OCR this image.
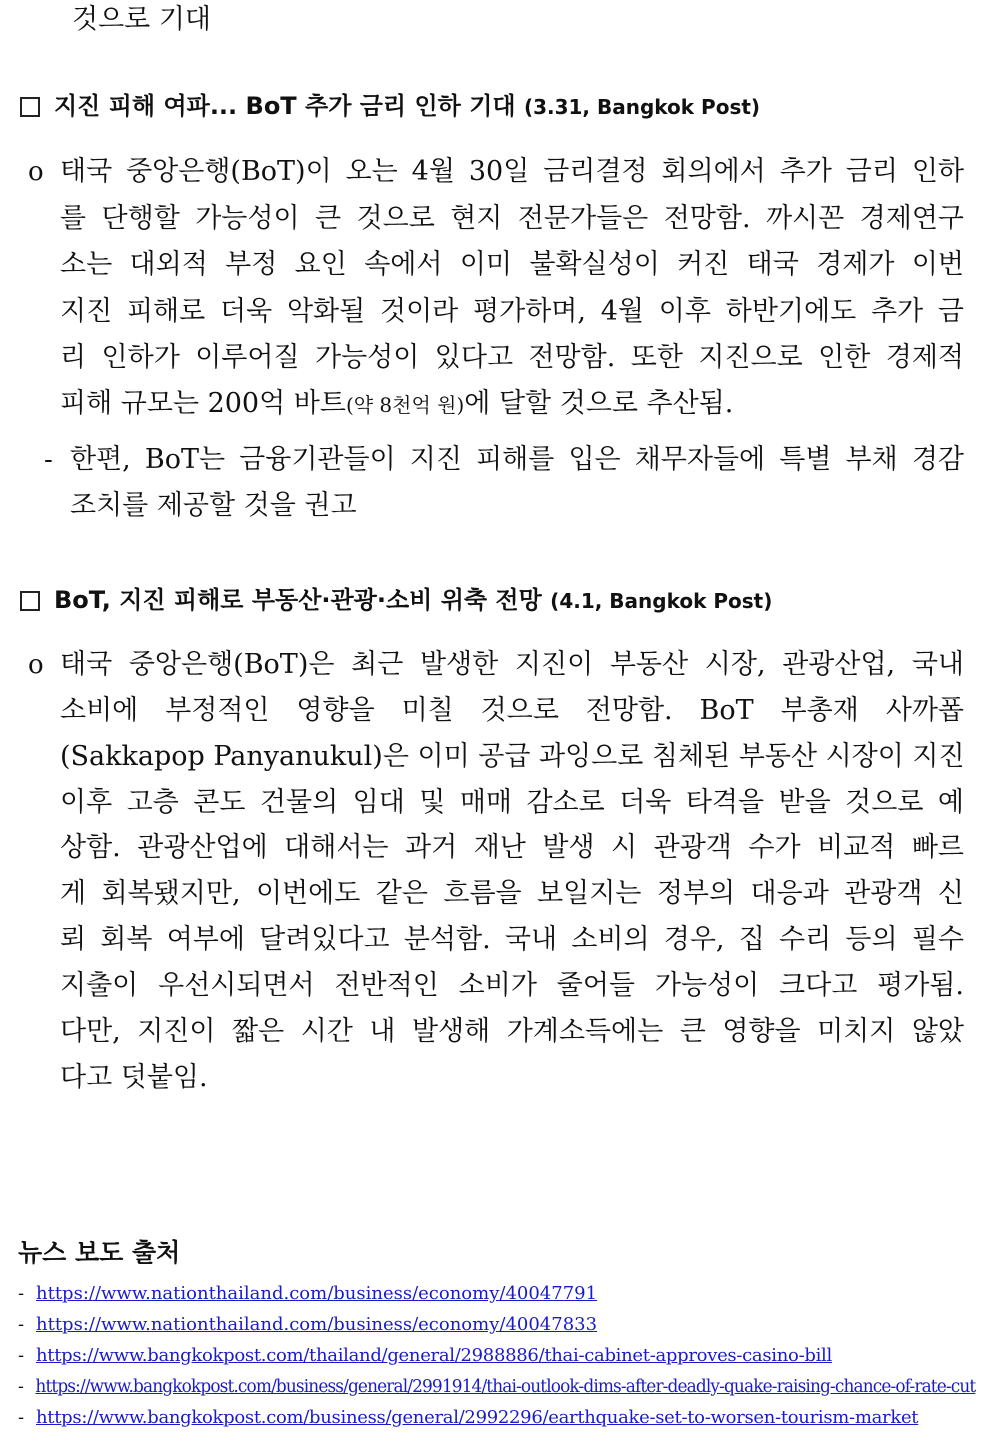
것으로 기대
지진 피해 여파... BoT 추가 금리 인하 기대 (3.31, Bangkok Post)
o 태국 중앙은행(BoT)이 오는 4월 30일 금리결정 회의에서 추가 금리 인하
를 단행할 가능성이 큰 것으로 현지 전문가들은 전망함. 까시꼰 경제연구
소는 대외적 부정 요인 속에서 이미 불확실성이 커진 태국 경제가 이번
지진 피해로 더욱 악화될 것이라 평가하며, 4월 이후 하반기에도 추가 금
리 인하가 이루어질 가능성이 있다고 전망함. 또한 지진으로 인한 경제적
피해 규모는 200억 바트(약 8천억 원)에 달할 것으로 추산됨.
- 한편, BoT는 금융기관들이 지진 피해를 입은 채무자들에 특별 부채 경감
조치를 제공할 것을 권고
BoT, 지진 피해로 부동산·관광·소비 위축 전망 (4.1, Bangkok Post)
o 태국 중앙은행(BoT)은 최근 발생한 지진이 부동산 시장, 관광산업, 국내
소비에 부정적인 영향을 미칠 것으로 전망함. BoT 부총재 사까폽
(Sakkapop Panyanukul)은 이미 공급 과잉으로 침체된 부동산 시장이 지진
이후 고층 콘도 건물의 임대 및 매매 감소로 더욱 타격을 받을 것으로 예
상함. 관광산업에 대해서는 과거 재난 발생 시 관광객 수가 비교적 빠르
게 회복됐지만, 이번에도 같은 흐름을 보일지는 정부의 대응과 관광객 신
뢰 회복 여부에 달려있다고 분석함. 국내 소비의 경우, 집 수리 등의 필수
지출이 우선시되면서 전반적인 소비가 줄어들 가능성이 크다고 평가됨.
다만, 지진이 짧은 시간 내 발생해 가계소득에는 큰 영향을 미치지 않았
다고 덧붙임.
뉴스 보도 출처
- https://www.nationthailand.com/business/economy/40047791
- https://www.nationthailand.com/business/economy/40047833
- https://www.bangkokpost.com/thailand/general/2988886/thai-cabinet-approves-casino-bill
- https://www.bangkokpost.com/business/general/2991914/thai-outlook-dims-after-deadly-quake-raising-chance-of-rate-cut
- https://www.bangkokpost.com/business/general/2992296/earthquake-set-to-worsen-tourism-market
